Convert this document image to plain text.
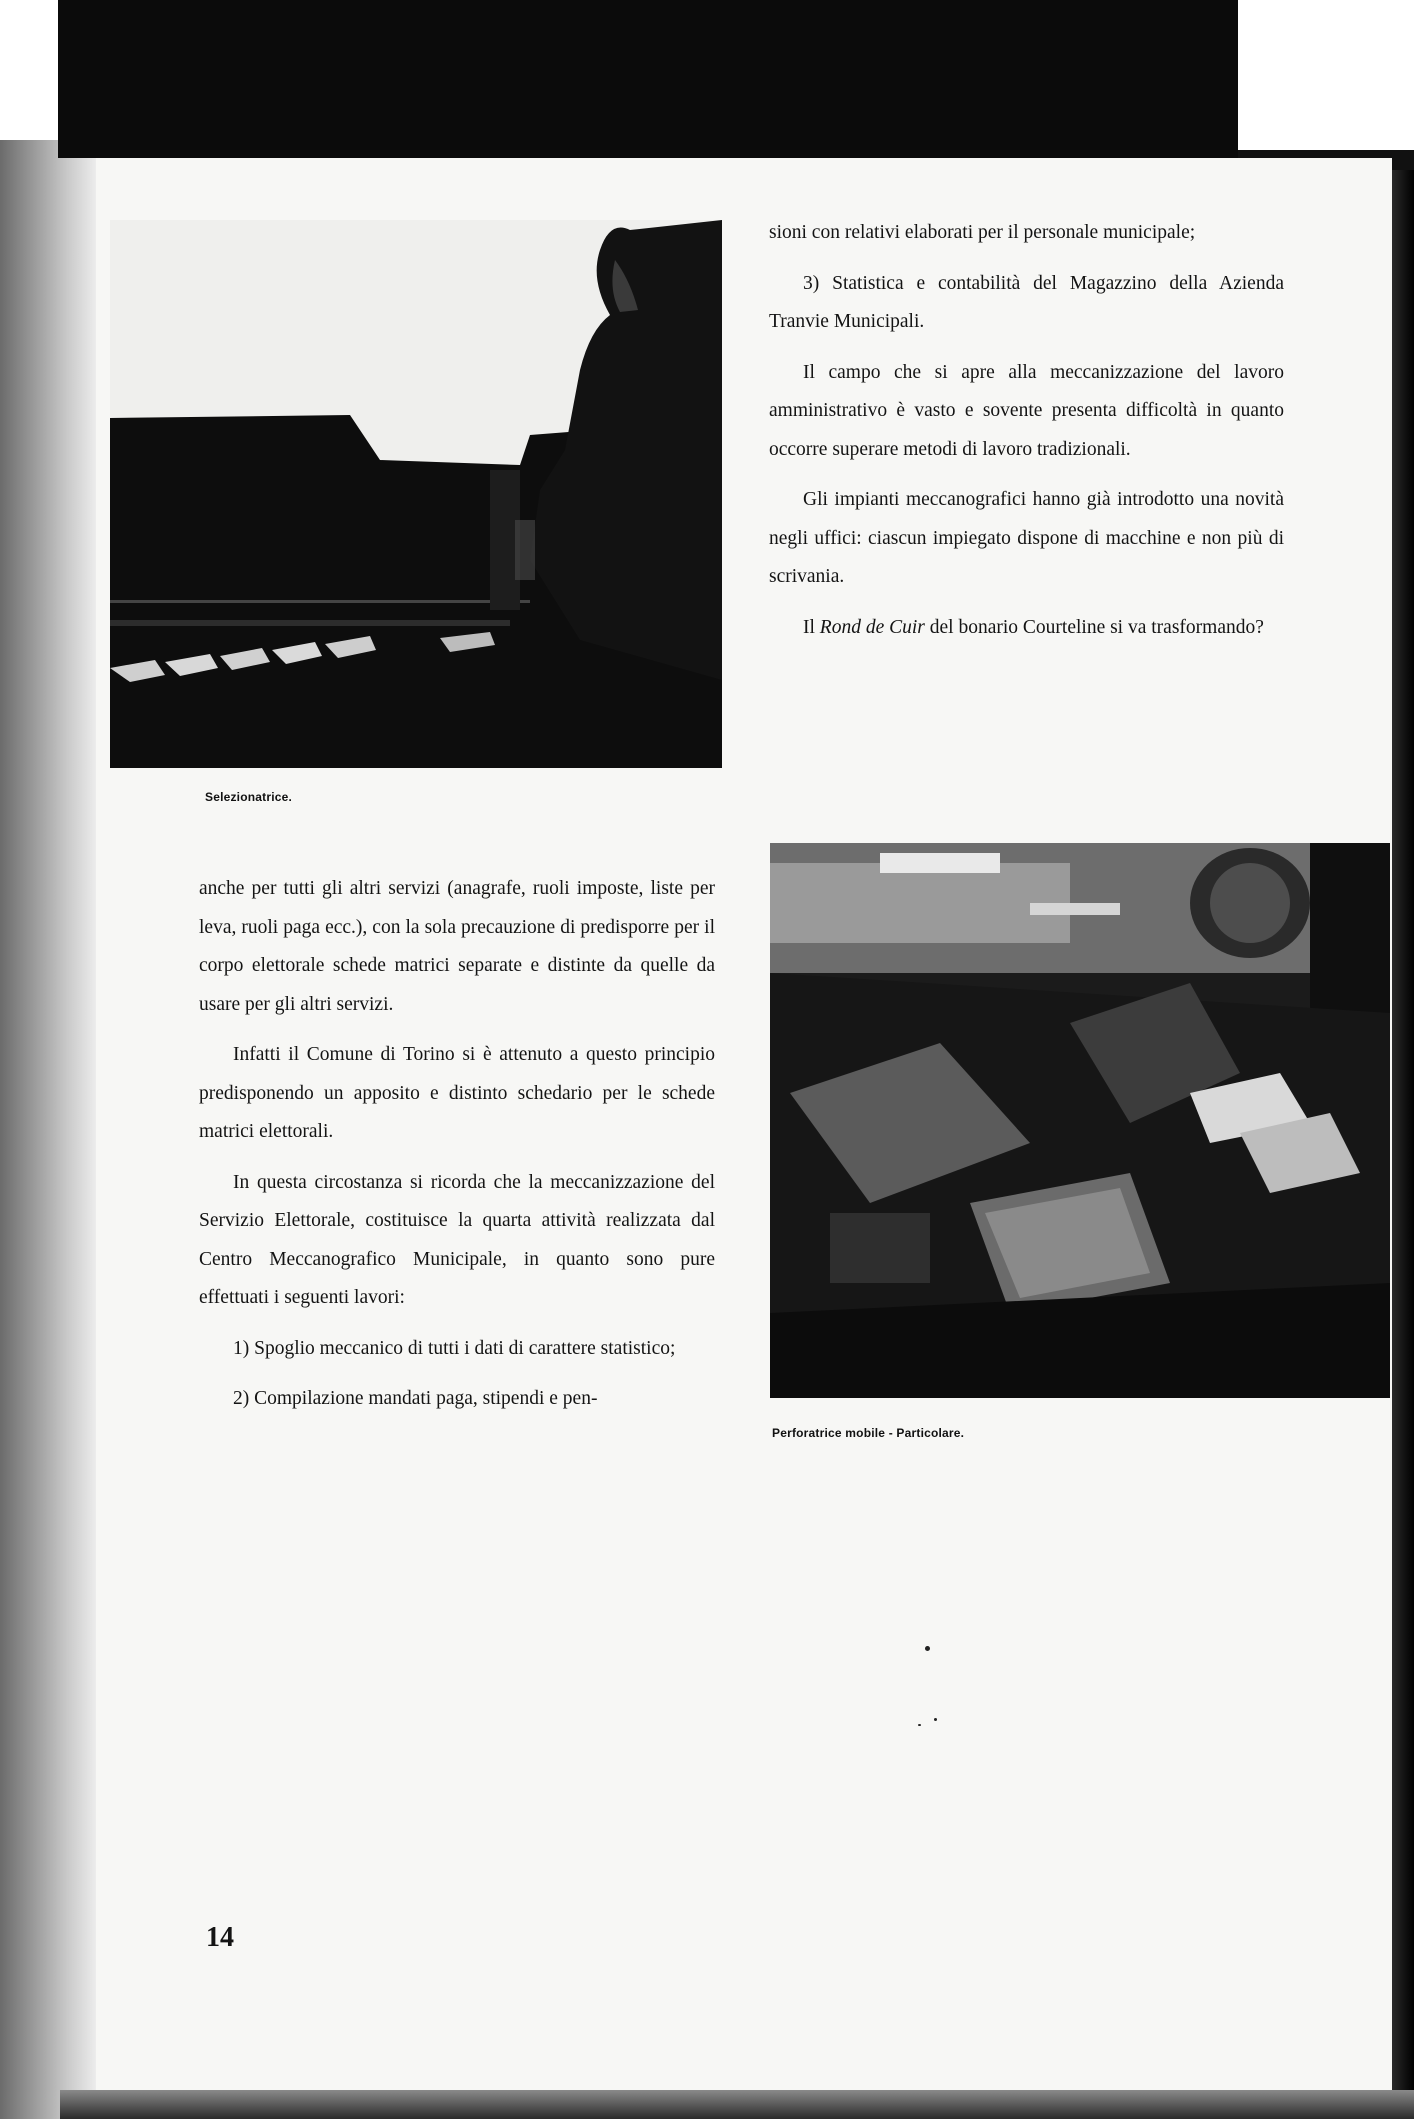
Selezionatrice.

sioni con relativi elaborati per il personale municipale;

3) Statistica e contabilità del Magazzino della Azienda Tranvie Municipali.

Il campo che si apre alla meccanizzazione del lavoro amministrativo è vasto e sovente presenta difficoltà in quanto occorre superare metodi di lavoro tradizionali.

Gli impianti meccanografici hanno già introdotto una novità negli uffici: ciascun impiegato dispone di macchine e non più di scrivania.

Il Rond de Cuir del bonario Courteline si va trasformando?

Perforatrice mobile - Particolare.

anche per tutti gli altri servizi (anagrafe, ruoli imposte, liste per leva, ruoli paga ecc.), con la sola precauzione di predisporre per il corpo elettorale schede matrici separate e distinte da quelle da usare per gli altri servizi.

Infatti il Comune di Torino si è attenuto a questo principio predisponendo un apposito e distinto schedario per le schede matrici elettorali.

In questa circostanza si ricorda che la meccanizzazione del Servizio Elettorale, costituisce la quarta attività realizzata dal Centro Meccanografico Municipale, in quanto sono pure effettuati i seguenti lavori:

1) Spoglio meccanico di tutti i dati di carattere statistico;

2) Compilazione mandati paga, stipendi e pen-

14
